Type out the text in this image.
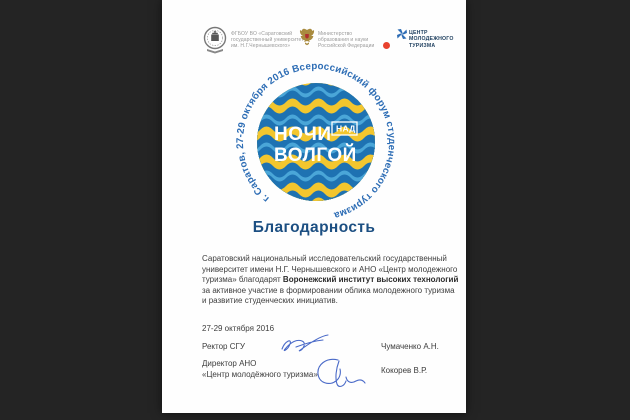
ФГБОУ ВО «Саратовский
государственный университет
им. Н.Г.Чернышевского»
Министерство
образования и науки
Российской Федерации
ЦЕНТР
МОЛОДЕЖНОГО
ТУРИЗМА
г. Саратов, 27-29 октября 2016 Всероссийский форум студенческого туризма
НОЧИ НАД
ВОЛГОЙ
Благодарность
Саратовский национальный исследовательский государственный университет имени Н.Г. Чернышевского и АНО «Центр молодежного туризма» благодарят Воронежский институт высоких технологий за активное участие в формировании облика молодежного туризма и развитие студенческих инициатив.
27-29 октября 2016
Ректор СГУ	Чумаченко А.Н.
Директор АНО
«Центр молодёжного туризма»	Кокорев В.Р.
